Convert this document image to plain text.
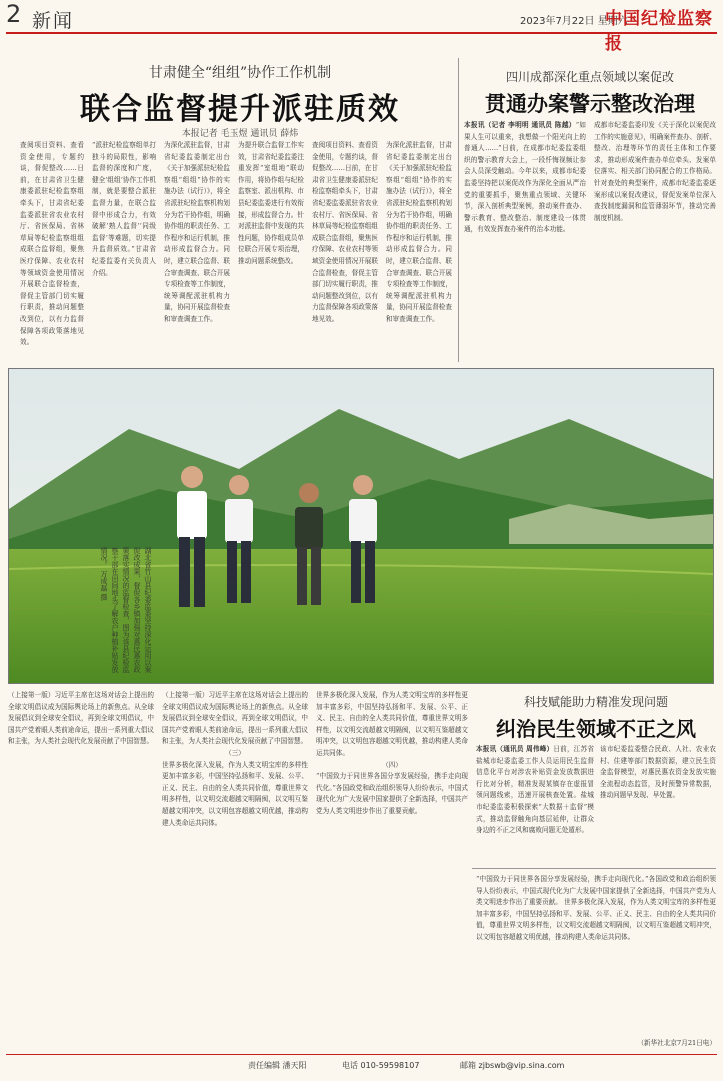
2 新闻	2023年7月22日 星期六
中国纪检监察报
甘肃健全“组组”协作工作机制
联合监督提升派驻质效
本报记者 毛玉煜 通讯员 薛炜
查阅项目资料、查看资金使用，专题约谈，督促整改……日前，在甘肃省卫生健康委派驻纪检监察组牵头下，甘肃省纪委监委派驻省农业农村厅、省医保局、省林草局等纪检监察组组成联合监督组，聚焦医疗保障、农业农村等领域资金使用情况开展联合监督检查，督促主管部门切实履行职责，推动问题整改到位，以有力监督保障各项政策落地见效。
“派驻纪检监察组单打独斗的局限性，影响监督的深度和广度，健全‘组组’协作工作机制，就是要整合派驻监督力量，在联合监督中形成合力，有效破解‘熟人监督’‘同级监督’等难题，切实提升监督质效。”甘肃省纪委监委有关负责人介绍。
为深化派驻监督，甘肃省纪委监委制定出台《关于加强派驻纪检监察组“组组”协作的实施办法（试行）》，将全省派驻纪检监察机构划分为若干协作组，明确协作组的职责任务、工作程序和运行机制，推动形成监督合力。同时，建立联合监督、联合审查调查、联合开展专项检查等工作制度，统筹调配派驻机构力量，协同开展监督检查和审查调查工作。
为提升联合监督工作实效，甘肃省纪委监委注重发挥“室组地”联动作用，将协作组与纪检监察室、派出机构、市县纪委监委进行有效衔接，形成监督合力。针对派驻监督中发现的共性问题，协作组成员单位联合开展专项治理，推动问题系统整改。
查阅项目资料、查看资金使用，专题约谈，督促整改……日前，在甘肃省卫生健康委派驻纪检监察组牵头下，甘肃省纪委监委派驻省农业农村厅、省医保局、省林草局等纪检监察组组成联合监督组，聚焦医疗保障、农业农村等领域资金使用情况开展联合监督检查，督促主管部门切实履行职责，推动问题整改到位，以有力监督保障各项政策落地见效。
为深化派驻监督，甘肃省纪委监委制定出台《关于加强派驻纪检监察组“组组”协作的实施办法（试行）》，将全省派驻纪检监察机构划分为若干协作组，明确协作组的职责任务、工作程序和运行机制，推动形成监督合力。同时，建立联合监督、联合审查调查、联合开展专项检查等工作制度，统筹调配派驻机构力量，协同开展监督检查和审查调查工作。
四川成都深化重点领域以案促改
贯通办案警示整改治理
本报讯（记者 李明明 通讯员 陈越）“如果人生可以重来，我想做一个阳光向上的普通人……”日前，在成都市纪委监委组织的警示教育大会上，一段忏悔视频让参会人员深受触动。今年以来，成都市纪委监委坚持把以案促改作为深化全面从严治党的重要抓手，聚焦重点领域、关键环节，深入剖析典型案例，推动案件查办、警示教育、整改整治、制度建设一体贯通，有效发挥查办案件的治本功能。
成都市纪委监委印发《关于深化以案促改工作的实施意见》，明确案件查办、剖析、整改、治理等环节的责任主体和工作要求，推动形成案件查办单位牵头、发案单位落实、相关部门协同配合的工作格局。针对查处的典型案件，成都市纪委监委逐案形成以案促改建议，督促发案单位深入查找制度漏洞和监管薄弱环节，推动完善制度机制。
湖北省竹山县纪委监委坚持深化运用以案促改成果，督促各乡镇加强对惠民惠农政策落实情况的监督检查，图为该县纪检监察干部在田间地头了解农户种植补贴发放情况。 万成磊 摄
科技赋能助力精准发现问题
纠治民生领域不正之风
本报讯（通讯员 周伟峰）日前，江苏省盐城市纪委监委工作人员运用民生监督信息化平台对涉农补贴资金发放数据进行比对分析，精准发现某镇存在虚报冒领问题线索，迅速开展核查处置。盐城市纪委监委积极探索“大数据＋监督”模式，推动监督触角向基层延伸，让群众身边的不正之风和腐败问题无处遁形。
该市纪委监委整合民政、人社、农业农村、住建等部门数据资源，建立民生资金监督模型，对惠民惠农资金发放实施全流程动态监管，及时预警异常数据，推动问题早发现、早处置。
（上接第一版）习近平主席在这场对话会上提出的全球文明倡议成为国际舆论场上的新焦点。从全球发展倡议到全球安全倡议，再到全球文明倡议，中国共产党着眼人类前途命运，提出一系列重大倡议和主张，为人类社会现代化发展贡献了中国智慧。
（上接第一版）习近平主席在这场对话会上提出的全球文明倡议成为国际舆论场上的新焦点。从全球发展倡议到全球安全倡议，再到全球文明倡议，中国共产党着眼人类前途命运，提出一系列重大倡议和主张，为人类社会现代化发展贡献了中国智慧。

（三）
世界多极化深入发展，作为人类文明宝库的多样性更加丰富多彩，中国坚持弘扬和平、发展、公平、正义、民主、自由的全人类共同价值，尊重世界文明多样性，以文明交流超越文明隔阂，以文明互鉴超越文明冲突，以文明包容超越文明优越，推动构建人类命运共同体。
世界多极化深入发展，作为人类文明宝库的多样性更加丰富多彩，中国坚持弘扬和平、发展、公平、正义、民主、自由的全人类共同价值，尊重世界文明多样性，以文明交流超越文明隔阂，以文明互鉴超越文明冲突，以文明包容超越文明优越，推动构建人类命运共同体。

（四）
“中国致力于同世界各国分享发展经验，携手走向现代化。”各国政党和政治组织领导人纷纷表示，中国式现代化为广大发展中国家提供了全新选择，中国共产党为人类文明进步作出了重要贡献。
“中国致力于同世界各国分享发展经验，携手走向现代化。”各国政党和政治组织领导人纷纷表示，中国式现代化为广大发展中国家提供了全新选择，中国共产党为人类文明进步作出了重要贡献。 世界多极化深入发展，作为人类文明宝库的多样性更加丰富多彩，中国坚持弘扬和平、发展、公平、正义、民主、自由的全人类共同价值，尊重世界文明多样性，以文明交流超越文明隔阂，以文明互鉴超越文明冲突，以文明包容超越文明优越，推动构建人类命运共同体。
（新华社北京7月21日电）
责任编辑 潘天阳	电话 010-59598107	邮箱 zjbswb@vip.sina.com
